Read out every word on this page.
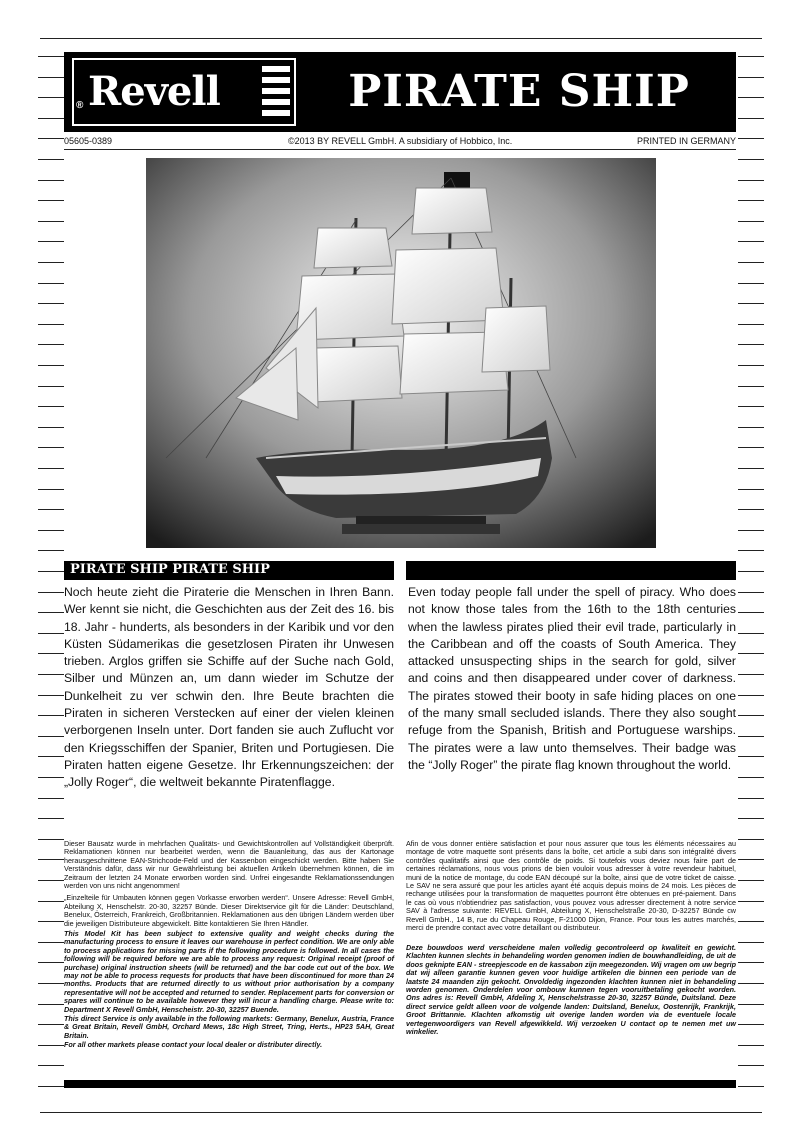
® Revell	PIRATE SHIP
05605-0389	©2013 BY REVELL GmbH. A subsidiary of Hobbico, Inc.	PRINTED IN GERMANY
PIRATE SHIP PIRATE SHIP
Noch heute zieht die Piraterie die Menschen in Ihren Bann. Wer kennt sie nicht, die Geschichten aus der Zeit des 16. bis 18. Jahr - hunderts, als besonders in der Karibik und vor den Küsten Südamerikas die gesetzlosen Piraten ihr Unwesen trieben. Arglos griffen sie Schiffe auf der Suche nach Gold, Silber und Münzen an, um dann wieder im Schutze der Dunkelheit zu ver schwin den. Ihre Beute brachten die Piraten in sicheren Verstecken auf einer der vielen kleinen verborgenen Inseln unter. Dort fanden sie auch Zuflucht vor den Kriegsschiffen der Spanier, Briten und Portugiesen. Die Piraten hatten eigene Gesetze. Ihr Erkennungszeichen: der „Jolly Roger“, die weltweit bekannte Piratenflagge.
Even today people fall under the spell of piracy. Who does not know those tales from the 16th to the 18th centuries when the lawless pirates plied their evil trade, particularly in the Caribbean and off the coasts of South America. They attacked unsuspecting ships in the search for gold, silver and coins and then disappeared under cover of darkness. The pirates stowed their booty in safe hiding places on one of the many small secluded islands. There they also sought refuge from the Spanish, British and Portuguese warships. The pirates were a law unto themselves. Their badge was the “Jolly Roger” the pirate flag known throughout the world.

Dieser Bausatz wurde in mehrfachen Qualitäts- und Gewichtskontrollen auf Vollständigkeit überprüft. Reklamationen können nur bearbeitet werden, wenn die Bauanleitung, das aus der Kartonage herausgeschnittene EAN-Strichcode-Feld und der Kassenbon eingeschickt werden. Bitte haben Sie Verständnis dafür, dass wir nur Gewährleistung bei aktuellen Artikeln übernehmen können, die im Zeitraum der letzten 24 Monate erworben worden sind. Unfrei eingesandte Reklamationssendungen werden von uns nicht angenommen!

„Einzelteile für Umbauten können gegen Vorkasse erworben werden“. Unsere Adresse: Revell GmbH, Abteilung X, Henschelstr. 20-30, 32257 Bünde. Dieser Direktservice gilt für die Länder: Deutschland, Benelux, Österreich, Frankreich, Großbritannien. Reklamationen aus den übrigen Ländern werden über die jeweiligen Distributeure abgewickelt. Bitte kontaktieren Sie Ihren Händler.

This Model Kit has been subject to extensive quality and weight checks during the manufacturing process to ensure it leaves our warehouse in perfect condition. We are only able to process applications for missing parts if the following procedure is followed. In all cases the following will be required before we are able to process any request: Original receipt (proof of purchase) original instruction sheets (will be returned) and the bar code cut out of the box. We may not be able to process requests for products that have been discontinued for more than 24 months. Products that are returned directly to us without prior authorisation by a company representative will not be accepted and returned to sender. Replacement parts for conversion or spares will continue to be available however they will incur a handling charge. Please write to: Department X Revell GmbH, Henscheistr. 20-30, 32257 Buende.

This direct Service is only available in the following markets: Germany, Benelux, Austria, France & Great Britain, Revell GmbH, Orchard Mews, 18c High Street, Tring, Herts., HP23 5AH, Great Britain.

For all other markets please contact your local dealer or distributer directly.

Afin de vous donner entière satisfaction et pour nous assurer que tous les éléments nécessaires au montage de votre maquette sont présents dans la boîte, cet article a subi dans son intégralité divers contrôles qualitatifs ainsi que des contrôle de poids. Si toutefois vous deviez nous faire part de certaines réclamations, nous vous prions de bien vouloir vous adresser à votre revendeur habituel, muni de la notice de montage, du code EAN découpé sur la boîte, ainsi que de votre ticket de caisse. Le SAV ne sera assuré que pour les articles ayant été acquis depuis moins de 24 mois. Les pièces de rechange utilisées pour la transformation de maquettes pourront être obtenues en pré-paiement. Dans le cas où vous n'obtiendriez pas satisfaction, vous pouvez vous adresser directement à notre service SAV à l'adresse suivante: REVELL GmbH, Abteilung X, Henschelstraße 20-30, D-32257 Bünde cw Revell GmbH., 14 B, rue du Chapeau Rouge, F-21000 Dijon, France. Pour tous les autres marchés, merci de prendre contact avec votre detaillant ou distributeur.
Deze bouwdoos werd verscheidene malen volledig gecontroleerd op kwaliteit en gewicht. Klachten kunnen slechts in behandeling worden genomen indien de bouwhandleiding, de uit de doos geknipte EAN - streepjescode en de kassabon zijn meegezonden. Wij vragen om uw begrip dat wij alleen garantie kunnen geven voor huidige artikelen die binnen een periode van de laatste 24 maanden zijn gekocht. Onvoldedig ingezonden klachten kunnen niet in behandeling worden genomen. Onderdelen voor ombouw kunnen tegen vooruitbetaling gekocht worden. Ons adres is: Revell GmbH, Afdeling X, Henschelstrasse 20-30, 32257 Bünde, Duitsland. Deze direct service geldt alleen voor de volgende landen: Duitsland, Benelux, Oostenrijk, Frankrijk, Groot Brittannie. Klachten afkomstig uit overige landen worden via de eventuele locale vertegenwoordigers van Revell afgewikkeld. Wij verzoeken U contact op te nemen met uw winkelier.
